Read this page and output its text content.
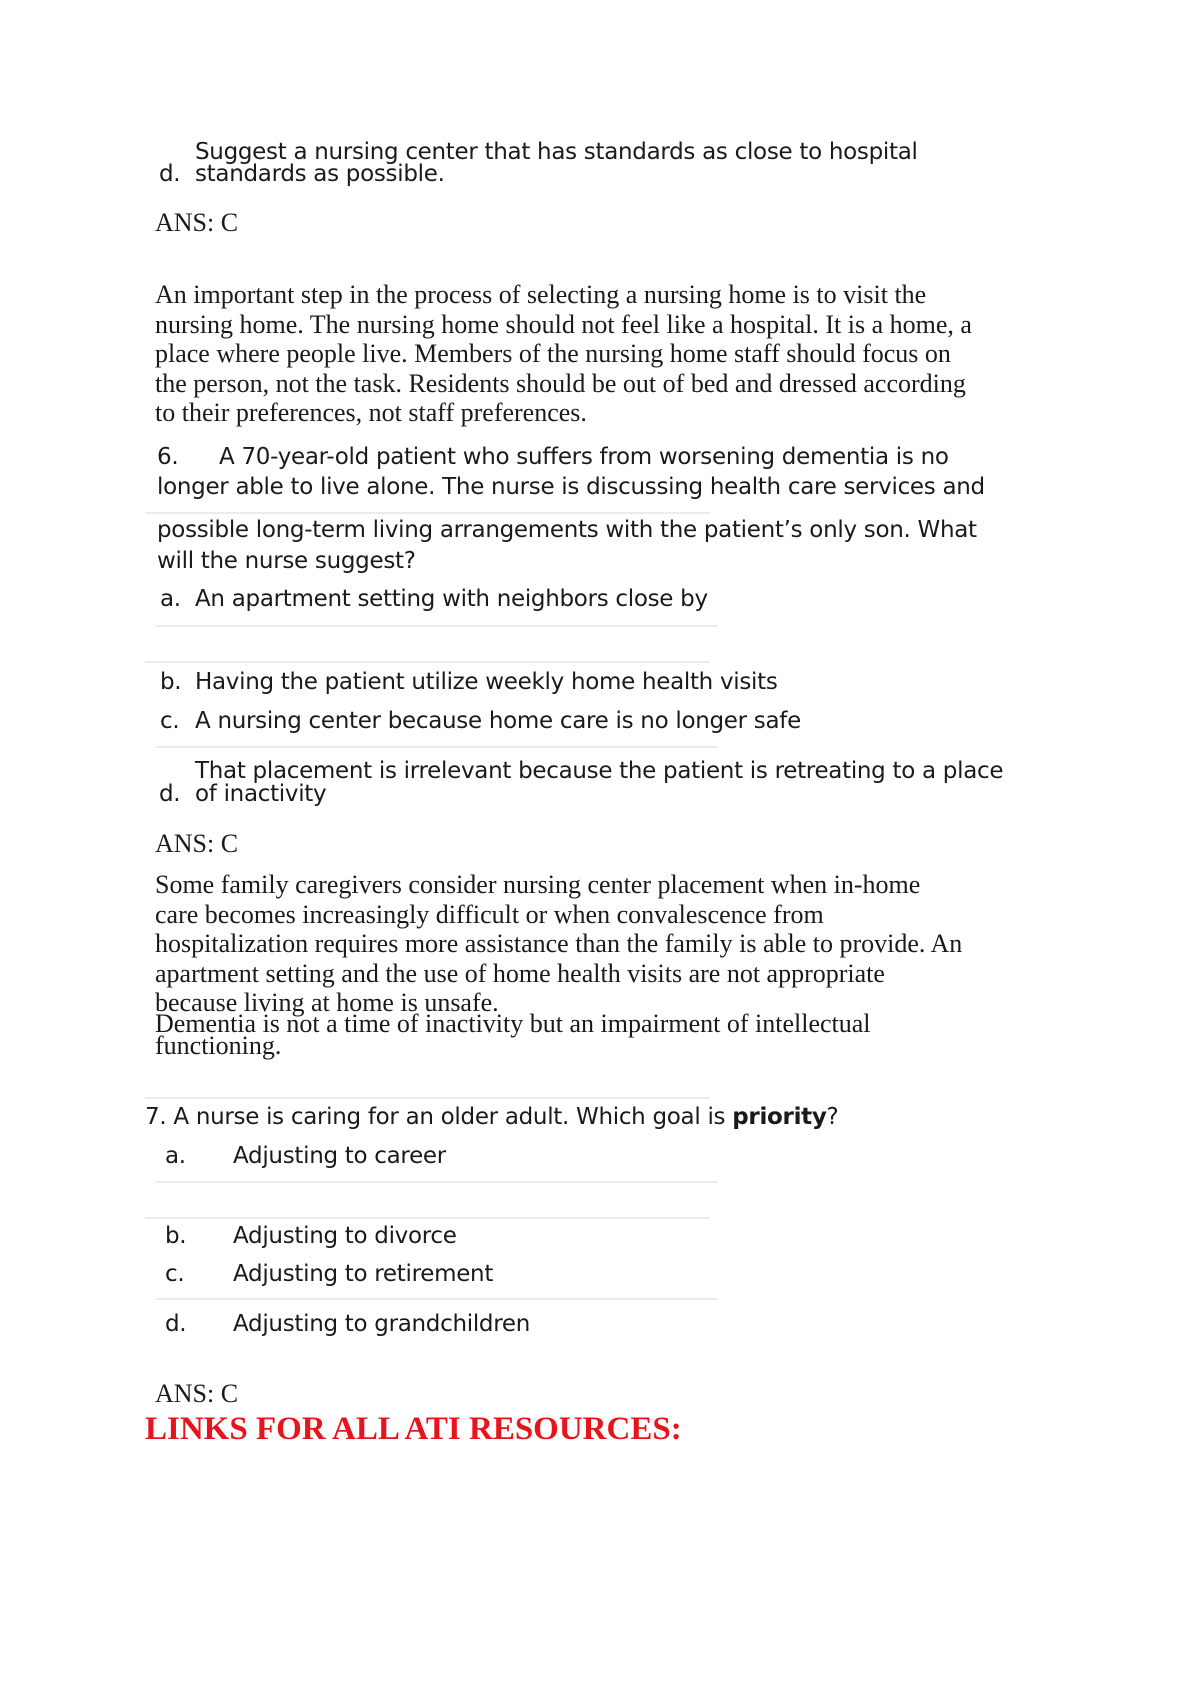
Suggest a nursing center that has standards as close to hospital
d. standards as possible.
ANS: C
An important step in the process of selecting a nursing home is to visit the
nursing home. The nursing home should not feel like a hospital. It is a home, a
place where people live. Members of the nursing home staff should focus on
the person, not the task. Residents should be out of bed and dressed according
to their preferences, not staff preferences.
6. A 70-year-old patient who suffers from worsening dementia is no
longer able to live alone. The nurse is discussing health care services and
possible long-term living arrangements with the patient’s only son. What
will the nurse suggest?
a. An apartment setting with neighbors close by
b. Having the patient utilize weekly home health visits
c. A nursing center because home care is no longer safe
That placement is irrelevant because the patient is retreating to a place
d. of inactivity
ANS: C
Some family caregivers consider nursing center placement when in-home
care becomes increasingly difficult or when convalescence from
hospitalization requires more assistance than the family is able to provide. An
apartment setting and the use of home health visits are not appropriate
because living at home is unsafe.
Dementia is not a time of inactivity but an impairment of intellectual
functioning.
7. A nurse is caring for an older adult. Which goal is priority?
a. Adjusting to career
b. Adjusting to divorce
c. Adjusting to retirement
d. Adjusting to grandchildren
ANS: C
LINKS FOR ALL ATI RESOURCES:
